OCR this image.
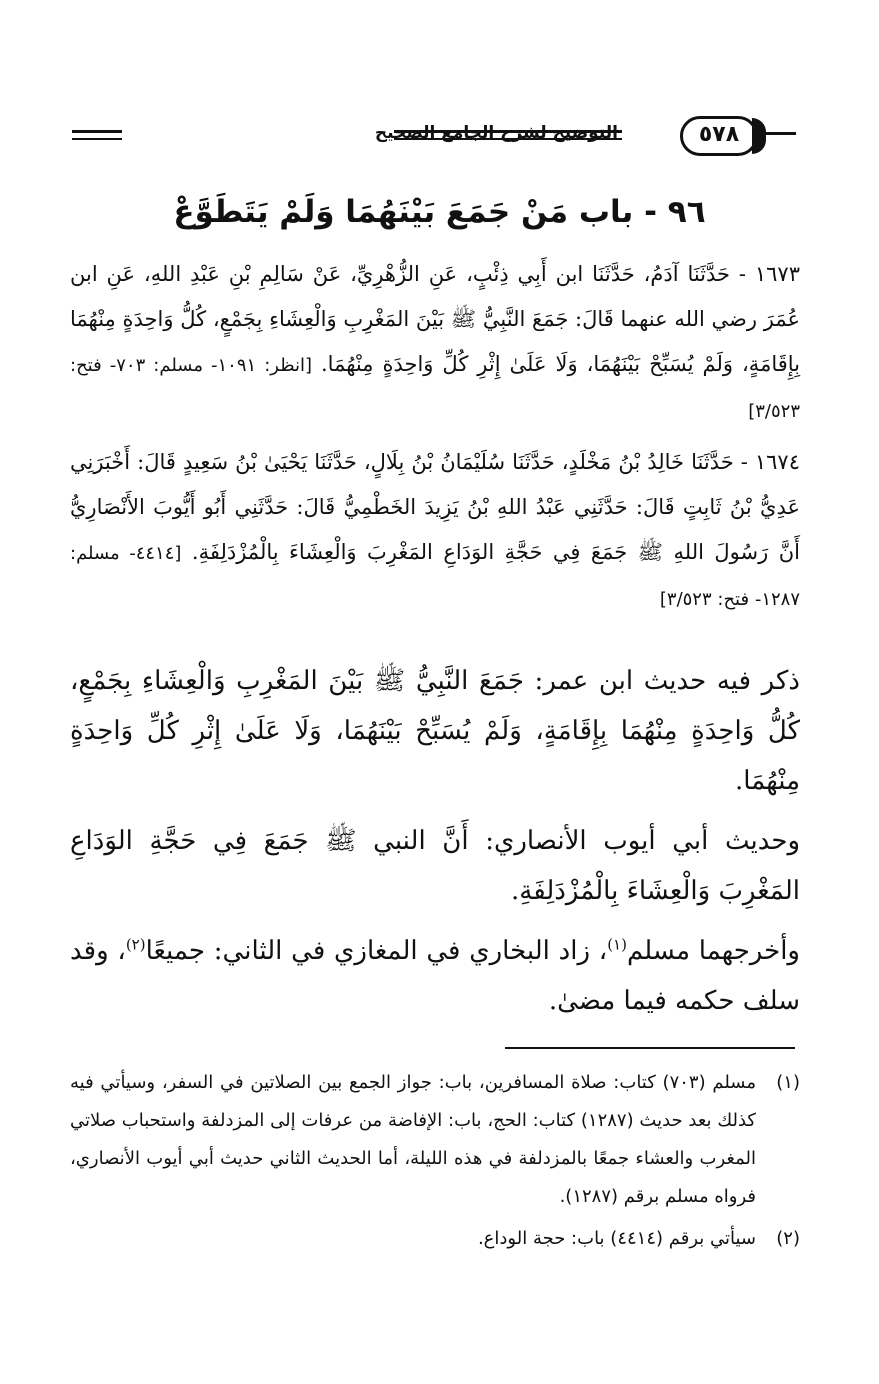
التوضيح لشرح الجامع الصحيح	٥٧٨
٩٦ - باب مَنْ جَمَعَ بَيْنَهُمَا وَلَمْ يَتَطَوَّعْ

١٦٧٣ - حَدَّثَنَا آدَمُ، حَدَّثَنَا ابن أَبِي ذِئْبٍ، عَنِ الزُّهْرِيِّ، عَنْ سَالِمِ بْنِ عَبْدِ اللهِ، عَنِ ابن عُمَرَ رضي الله عنهما قَالَ: جَمَعَ النَّبِيُّ ﷺ بَيْنَ المَغْرِبِ وَالْعِشَاءِ بِجَمْعٍ، كُلُّ وَاحِدَةٍ مِنْهُمَا بِإِقَامَةٍ، وَلَمْ يُسَبِّحْ بَيْنَهُمَا، وَلَا عَلَىٰ إِثْرِ كُلِّ وَاحِدَةٍ مِنْهُمَا. [انظر: ١٠٩١- مسلم: ٧٠٣- فتح: ٣/٥٢٣]

١٦٧٤ - حَدَّثَنَا خَالِدُ بْنُ مَخْلَدٍ، حَدَّثَنَا سُلَيْمَانُ بْنُ بِلَالٍ، حَدَّثَنَا يَحْيَىٰ بْنُ سَعِيدٍ قَالَ: أَخْبَرَنِي عَدِيُّ بْنُ ثَابِتٍ قَالَ: حَدَّثَنِي عَبْدُ اللهِ بْنُ يَزِيدَ الخَطْمِيُّ قَالَ: حَدَّثَنِي أَبُو أَيُّوبَ الأَنْصَارِيُّ أَنَّ رَسُولَ اللهِ ﷺ جَمَعَ فِي حَجَّةِ الوَدَاعِ المَغْرِبَ وَالْعِشَاءَ بِالْمُزْدَلِفَةِ. [٤٤١٤- مسلم: ١٢٨٧- فتح: ٣/٥٢٣]

ذكر فيه حديث ابن عمر: جَمَعَ النَّبِيُّ ﷺ بَيْنَ المَغْرِبِ وَالْعِشَاءِ بِجَمْعٍ، كُلُّ وَاحِدَةٍ مِنْهُمَا بِإِقَامَةٍ، وَلَمْ يُسَبِّحْ بَيْنَهُمَا، وَلَا عَلَىٰ إِثْرِ كُلِّ وَاحِدَةٍ مِنْهُمَا.

وحديث أبي أيوب الأنصاري: أَنَّ النبي ﷺ جَمَعَ فِي حَجَّةِ الوَدَاعِ المَغْرِبَ وَالْعِشَاءَ بِالْمُزْدَلِفَةِ.

وأخرجهما مسلم$^{(١)}$، زاد البخاري في المغازي في الثاني: جميعًا$^{(٢)}$، وقد سلف حكمه فيما مضىٰ.

(١)
مسلم (٧٠٣) كتاب: صلاة المسافرين، باب: جواز الجمع بين الصلاتين في السفر، وسيأتي فيه كذلك بعد حديث (١٢٨٧) كتاب: الحج، باب: الإفاضة من عرفات إلى المزدلفة واستحباب صلاتي المغرب والعشاء جمعًا بالمزدلفة في هذه الليلة، أما الحديث الثاني حديث أبي أيوب الأنصاري، فرواه مسلم برقم (١٢٨٧).
(٢)
سيأتي برقم (٤٤١٤) باب: حجة الوداع.
